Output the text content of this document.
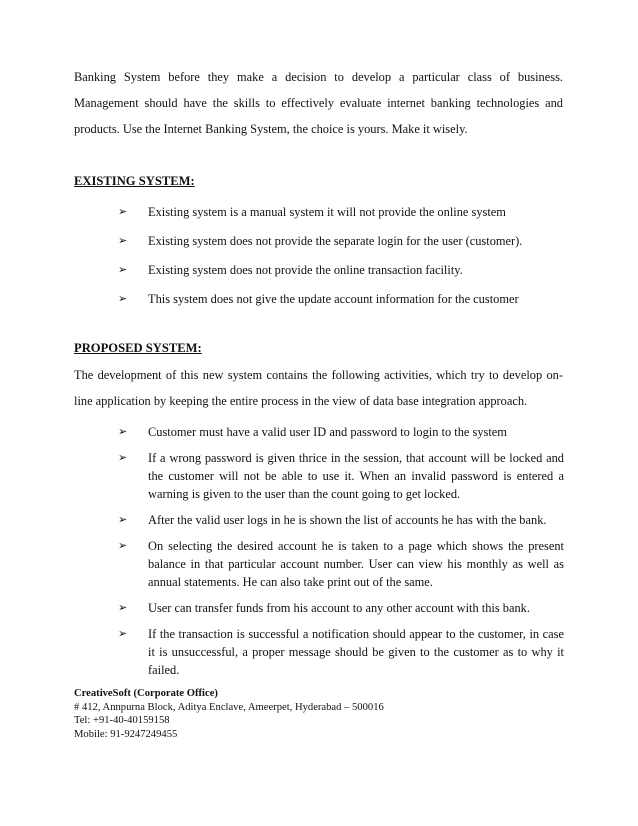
Banking System before they make a decision to develop a particular class of business. Management should have the skills to effectively evaluate internet banking technologies and products. Use the Internet Banking System, the choice is yours. Make it wisely.
EXISTING SYSTEM:
➢ Existing system is a manual system it will not provide the online system
➢ Existing system does not provide the separate login for the user (customer).
➢ Existing system does not provide the online transaction facility.
➢ This system does not give the update account information for the customer
PROPOSED SYSTEM:
The development of this new system contains the following activities, which try to develop on-line application by keeping the entire process in the view of data base integration approach.
➢ Customer must have a valid user ID and password to login to the system
➢ If a wrong password is given thrice in the session, that account will be locked and the customer will not be able to use it. When an invalid password is entered a warning is given to the user than the count going to get locked.
➢ After the valid user logs in he is shown the list of accounts he has with the bank.
➢ On selecting the desired account he is taken to a page which shows the present balance in that particular account number. User can view his monthly as well as annual statements. He can also take print out of the same.
➢ User can transfer funds from his account to any other account with this bank.
➢ If the transaction is successful a notification should appear to the customer, in case it is unsuccessful, a proper message should be given to the customer as to why it failed.
CreativeSoft (Corporate Office)
# 412, Annpurna Block, Aditya Enclave, Ameerpet, Hyderabad – 500016
Tel: +91-40-40159158
Mobile: 91-9247249455
